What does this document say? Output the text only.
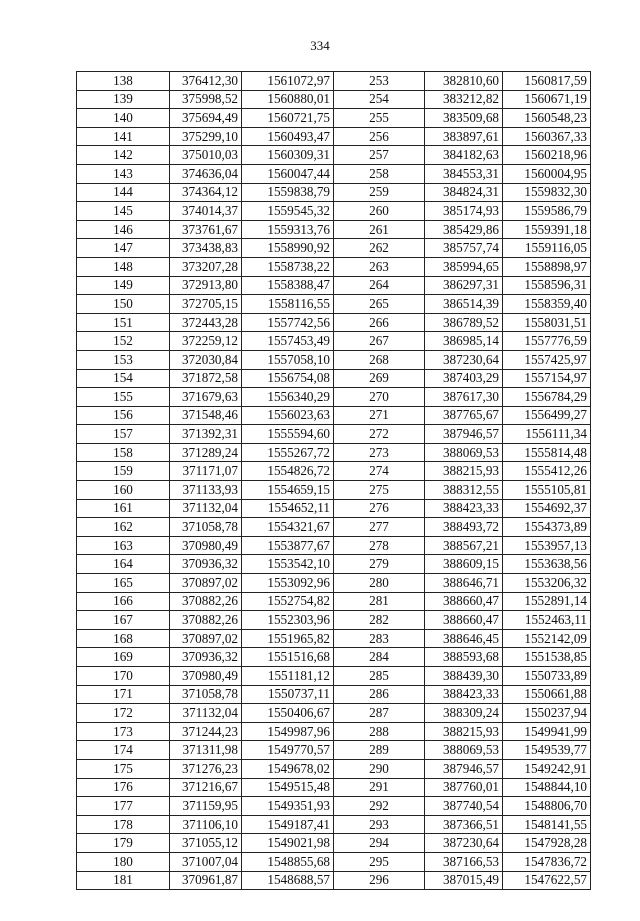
334
138	376412,30	1561072,97	253	382810,60	1560817,59
139	375998,52	1560880,01	254	383212,82	1560671,19
140	375694,49	1560721,75	255	383509,68	1560548,23
141	375299,10	1560493,47	256	383897,61	1560367,33
142	375010,03	1560309,31	257	384182,63	1560218,96
143	374636,04	1560047,44	258	384553,31	1560004,95
144	374364,12	1559838,79	259	384824,31	1559832,30
145	374014,37	1559545,32	260	385174,93	1559586,79
146	373761,67	1559313,76	261	385429,86	1559391,18
147	373438,83	1558990,92	262	385757,74	1559116,05
148	373207,28	1558738,22	263	385994,65	1558898,97
149	372913,80	1558388,47	264	386297,31	1558596,31
150	372705,15	1558116,55	265	386514,39	1558359,40
151	372443,28	1557742,56	266	386789,52	1558031,51
152	372259,12	1557453,49	267	386985,14	1557776,59
153	372030,84	1557058,10	268	387230,64	1557425,97
154	371872,58	1556754,08	269	387403,29	1557154,97
155	371679,63	1556340,29	270	387617,30	1556784,29
156	371548,46	1556023,63	271	387765,67	1556499,27
157	371392,31	1555594,60	272	387946,57	1556111,34
158	371289,24	1555267,72	273	388069,53	1555814,48
159	371171,07	1554826,72	274	388215,93	1555412,26
160	371133,93	1554659,15	275	388312,55	1555105,81
161	371132,04	1554652,11	276	388423,33	1554692,37
162	371058,78	1554321,67	277	388493,72	1554373,89
163	370980,49	1553877,67	278	388567,21	1553957,13
164	370936,32	1553542,10	279	388609,15	1553638,56
165	370897,02	1553092,96	280	388646,71	1553206,32
166	370882,26	1552754,82	281	388660,47	1552891,14
167	370882,26	1552303,96	282	388660,47	1552463,11
168	370897,02	1551965,82	283	388646,45	1552142,09
169	370936,32	1551516,68	284	388593,68	1551538,85
170	370980,49	1551181,12	285	388439,30	1550733,89
171	371058,78	1550737,11	286	388423,33	1550661,88
172	371132,04	1550406,67	287	388309,24	1550237,94
173	371244,23	1549987,96	288	388215,93	1549941,99
174	371311,98	1549770,57	289	388069,53	1549539,77
175	371276,23	1549678,02	290	387946,57	1549242,91
176	371216,67	1549515,48	291	387760,01	1548844,10
177	371159,95	1549351,93	292	387740,54	1548806,70
178	371106,10	1549187,41	293	387366,51	1548141,55
179	371055,12	1549021,98	294	387230,64	1547928,28
180	371007,04	1548855,68	295	387166,53	1547836,72
181	370961,87	1548688,57	296	387015,49	1547622,57
